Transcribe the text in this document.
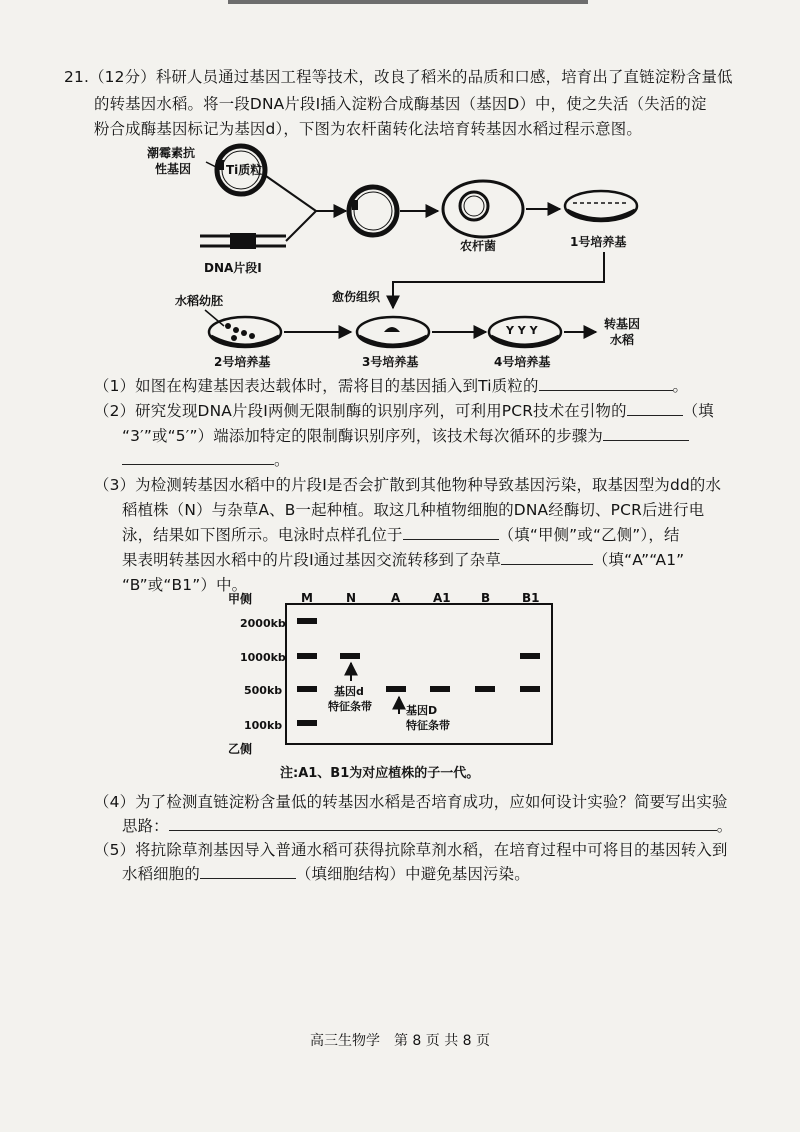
21.（12分）科研人员通过基因工程等技术，改良了稻米的品质和口感，培育出了直链淀粉含量低
的转基因水稻。将一段DNA片段Ⅰ插入淀粉合成酶基因（基因D）中，使之失活（失活的淀
粉合成酶基因标记为基因d），下图为农杆菌转化法培育转基因水稻过程示意图。
潮霉素抗
性基因	Ti质粒
DNA片段Ⅰ
农杆菌	1号培养基
水稻幼胚
2号培养基
愈伤组织
3号培养基
Y Y Y
4号培养基
转基因
水稻
（1）如图在构建基因表达载体时，需将目的基因插入到Ti质粒的	。
（2）研究发现DNA片段Ⅰ两侧无限制酶的识别序列，可利用PCR技术在引物的	（填
“3′”或“5′”）端添加特定的限制酶识别序列，该技术每次循环的步骤为
。
（3）为检测转基因水稻中的片段Ⅰ是否会扩散到其他物种导致基因污染，取基因型为dd的水
稻植株（N）与杂草A、B一起种植。取这几种植物细胞的DNA经酶切、PCR后进行电
泳，结果如下图所示。电泳时点样孔位于	（填“甲侧”或“乙侧”），结
果表明转基因水稻中的片段Ⅰ通过基因交流转移到了杂草	（填“A”“A1”
“B”或“B1”）中。
甲侧
乙侧
M	N	A	A1	B	B1
2000kb
1000kb
500kb
100kb
基因d
特征条带	基因D
特征条带
注:A1、B1为对应植株的子一代。
（4）为了检测直链淀粉含量低的转基因水稻是否培育成功，应如何设计实验？简要写出实验
思路：	。
（5）将抗除草剂基因导入普通水稻可获得抗除草剂水稻，在培育过程中可将目的基因转入到
水稻细胞的	（填细胞结构）中避免基因污染。
高三生物学　第 8 页 共 8 页
